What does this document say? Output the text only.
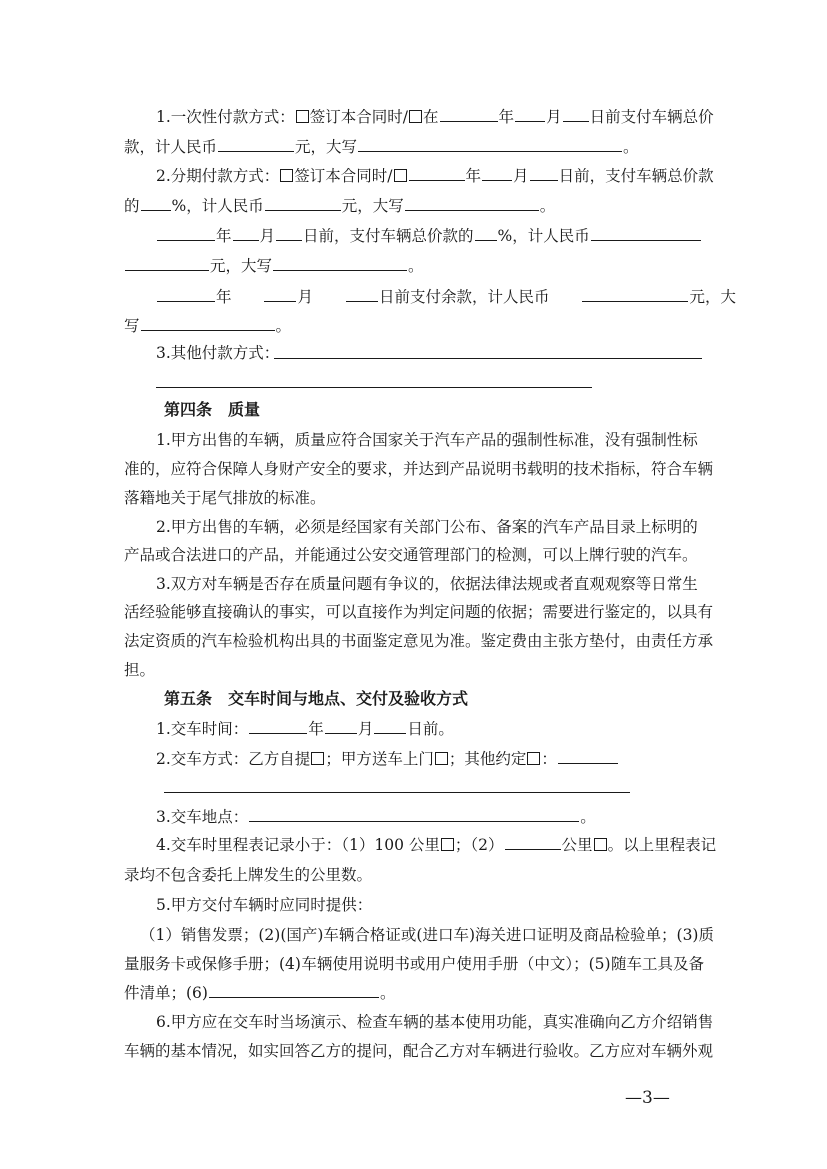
1.一次性付款方式： 签订本合同时/ 在	年 月 日前支付车辆总价
款，计人民币	元，大写	。
2.分期付款方式： 签订本合同时/	年 月 日前，支付车辆总价款
的 %，计人民币	元，大写	。
年 月 日前，支付车辆总价款的 %，计人民币
元，大写	。
年	月	日前支付余款，计人民币	元，大
写	。
3.其他付款方式：
第四条　质量
1.甲方出售的车辆，质量应符合国家关于汽车产品的强制性标准，没有强制性标
准的，应符合保障人身财产安全的要求，并达到产品说明书载明的技术指标，符合车辆
落籍地关于尾气排放的标准。
2.甲方出售的车辆，必须是经国家有关部门公布、备案的汽车产品目录上标明的
产品或合法进口的产品，并能通过公安交通管理部门的检测，可以上牌行驶的汽车。
3.双方对车辆是否存在质量问题有争议的，依据法律法规或者直观观察等日常生
活经验能够直接确认的事实，可以直接作为判定问题的依据；需要进行鉴定的，以具有
法定资质的汽车检验机构出具的书面鉴定意见为准。鉴定费由主张方垫付，由责任方承
担。
第五条　交车时间与地点、交付及验收方式
1.交车时间：	年 月 日前。
2.交车方式：乙方自提 ；甲方送车上门 ；其他约定 ：
3.交车地点：	。
4.交车时里程表记录小于：（1）100 公里 ；（2）	公里 。以上里程表记
录均不包含委托上牌发生的公里数。
5.甲方交付车辆时应同时提供：
（1）销售发票；(2) (国产)车辆合格证或(进口车)海关进口证明及商品检验单；(3) 质
量服务卡或保修手册；(4) 车辆使用说明书或用户使用手册 （中文）；(5) 随车工具及备
件清单；(6)	。
6.甲方应在交车时当场演示、检查车辆的基本使用功能，真实准确向乙方介绍销售
车辆的基本情况，如实回答乙方的提问，配合乙方对车辆进行验收。乙方应对车辆外观
—3—
